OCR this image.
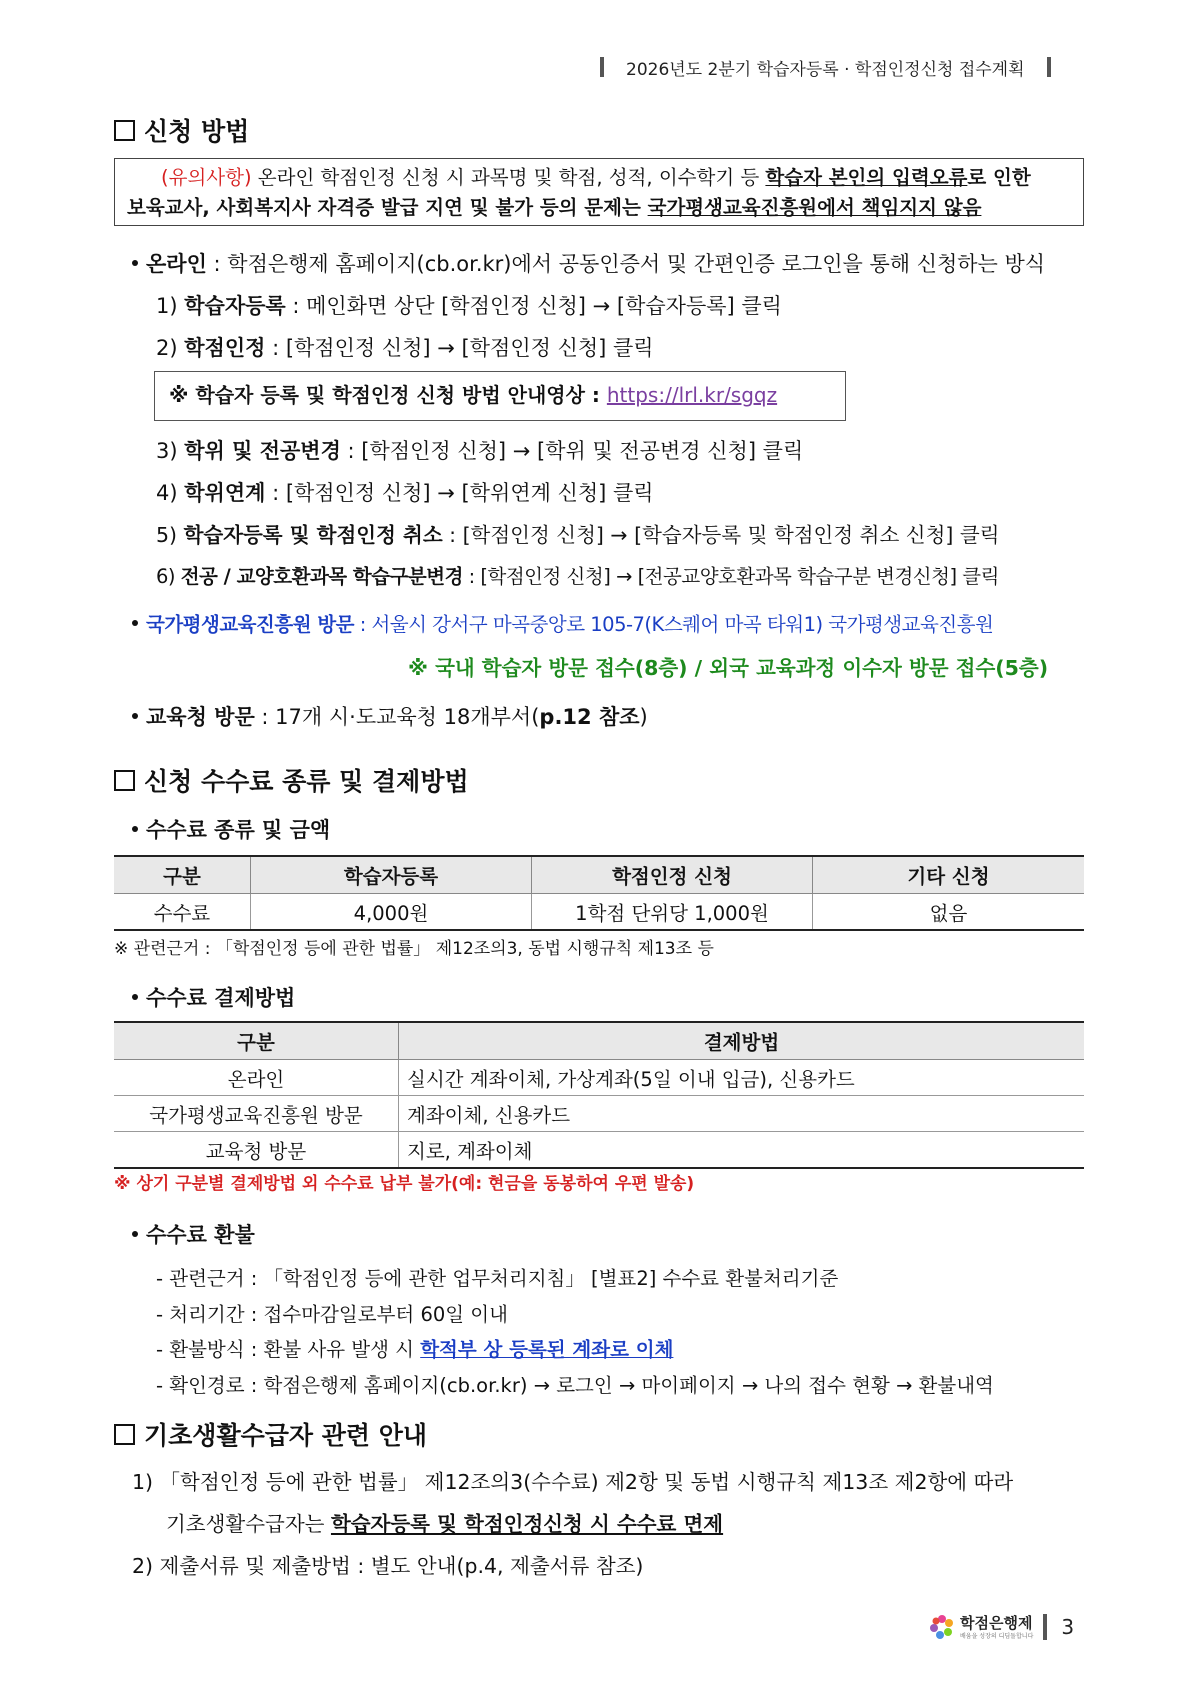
2026년도 2분기 학습자등록 · 학점인정신청 접수계획
신청 방법
(유의사항) 온라인 학점인정 신청 시 과목명 및 학점, 성적, 이수학기 등 학습자 본인의 입력오류로 인한
보육교사, 사회복지사 자격증 발급 지연 및 불가 등의 문제는 국가평생교육진흥원에서 책임지지 않음
온라인 : 학점은행제 홈페이지(cb.or.kr)에서 공동인증서 및 간편인증 로그인을 통해 신청하는 방식
1) 학습자등록 : 메인화면 상단 [학점인정 신청] → [학습자등록] 클릭
2) 학점인정 : [학점인정 신청] → [학점인정 신청] 클릭
※ 학습자 등록 및 학점인정 신청 방법 안내영상 : https://lrl.kr/sgqz
3) 학위 및 전공변경 : [학점인정 신청] → [학위 및 전공변경 신청] 클릭
4) 학위연계 : [학점인정 신청] → [학위연계 신청] 클릭
5) 학습자등록 및 학점인정 취소 : [학점인정 신청] → [학습자등록 및 학점인정 취소 신청] 클릭
6) 전공 / 교양호환과목 학습구분변경 : [학점인정 신청] → [전공교양호환과목 학습구분 변경신청] 클릭
국가평생교육진흥원 방문 : 서울시 강서구 마곡중앙로 105-7(K스퀘어 마곡 타워1) 국가평생교육진흥원
※ 국내 학습자 방문 접수(8층) / 외국 교육과정 이수자 방문 접수(5층)
교육청 방문 : 17개 시·도교육청 18개부서(p.12 참조)
신청 수수료 종류 및 결제방법
수수료 종류 및 금액
구분	학습자등록	학점인정 신청	기타 신청
수수료	4,000원	1학점 단위당 1,000원	없음
※ 관련근거 : 「학점인정 등에 관한 법률」 제12조의3, 동법 시행규칙 제13조 등
수수료 결제방법
구분	결제방법
온라인	실시간 계좌이체, 가상계좌(5일 이내 입금), 신용카드
국가평생교육진흥원 방문	계좌이체, 신용카드
교육청 방문	지로, 계좌이체
※ 상기 구분별 결제방법 외 수수료 납부 불가(예: 현금을 동봉하여 우편 발송)
수수료 환불
- 관련근거 : 「학점인정 등에 관한 업무처리지침」 [별표2] 수수료 환불처리기준
- 처리기간 : 접수마감일로부터 60일 이내
- 환불방식 : 환불 사유 발생 시 학적부 상 등록된 계좌로 이체
- 확인경로 : 학점은행제 홈페이지(cb.or.kr) → 로그인 → 마이페이지 → 나의 접수 현황 → 환불내역
기초생활수급자 관련 안내
1) 「학점인정 등에 관한 법률」 제12조의3(수수료) 제2항 및 동법 시행규칙 제13조 제2항에 따라
기초생활수급자는 학습자등록 및 학점인정신청 시 수수료 면제
2) 제출서류 및 제출방법 : 별도 안내(p.4, 제출서류 참조)
학점은행제
배움을 성장의 디딤돌합니다 3
